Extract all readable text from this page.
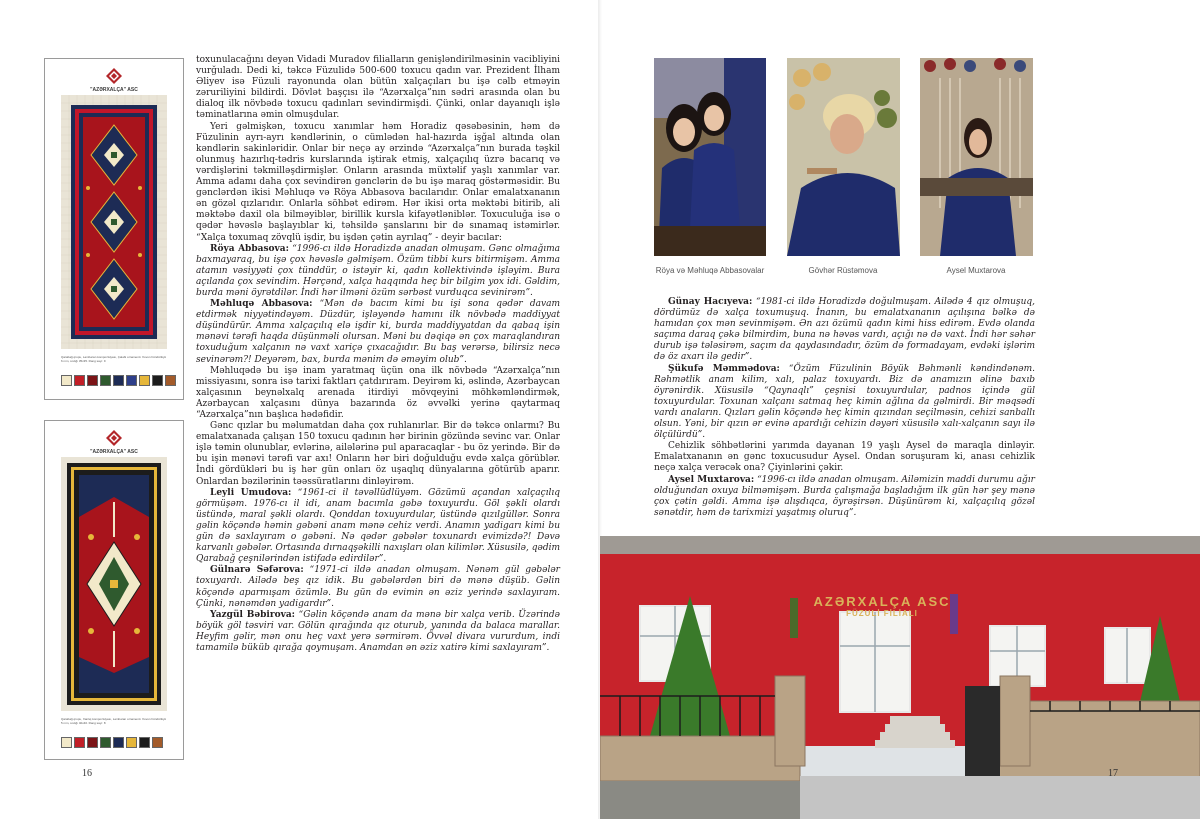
"AZƏRXALÇA" ASC
Qarabağ qrupu, Ləmbəran kompozisiyası, Çələbi ornamenti. Xovun hündürlüyü 6 mm, sıxlığı 35x35. Rəng sayı: 9
"AZƏRXALÇA" ASC
Qarabağ qrupu, Xanlıq kompozisiyası, Ləmbəran ornamenti. Xovun hündürlüyü 5 mm, sıxlığı 40x40. Rəng sayı: 8
16

toxunulacağını deyən Vidadi Muradov filialların genişləndirilməsinin vacibliyini vurğuladı. Dedi ki, təkcə Füzulidə 500-600 toxucu qadın var. Prezident İlham Əliyev isə Füzuli rayonunda olan bütün xalçaçıları bu işə cəlb etməyin zəruriliyini bildirdi. Dövlət başçısı ilə “Azərxalça”nın sədri arasında olan bu dialoq ilk növbədə toxucu qadınları sevindirmişdi. Çünki, onlar dayanıqlı işlə təminatlarına əmin olmuşdular.

Yeri gəlmişkən, toxucu xanımlar həm Horadiz qəsəbəsinin, həm də Füzulinin ayrı-ayrı kəndlərinin, o cümlədən hal-hazırda işğal altında olan kəndlərin sakinləridir. Onlar bir neçə ay ərzində “Azərxalça”nın burada təşkil olunmuş hazırlıq-tədris kurslarında iştirak etmiş, xalçaçılıq üzrə bacarıq və vərdişlərini təkmilləşdirmişlər. Onların arasında müxtəlif yaşlı xanımlar var. Amma adamı daha çox sevindirən gənclərin də bu işə maraq göstərməsidir. Bu gənclərdən ikisi Məhluqə və Röya Abbasova bacılarıdır. Onlar emalatxananın ən gözəl qızlarıdır. Onlarla söhbət edirəm. Hər ikisi orta məktəbi bitirib, ali məktəbə daxil ola bilməyiblər, birillik kursla kifayətləniblər. Toxuculuğa isə o qədər həvəslə başlayıblar ki, təhsildə şanslarını bir də sınamaq istəmirlər. “Xalça toxumaq zövqlü işdir, bu işdən çətin ayrılaq” - deyir bacılar:

Röya Abbasova: “1996-cı ildə Horadizdə anadan olmuşam. Gənc olmağıma baxmayaraq, bu işə çox həvəslə gəlmişəm. Özüm tibbi kurs bitirmişəm. Amma atamın vəsiyyəti çox tünddür, o istəyir ki, qadın kollektivində işləyim. Bura açılanda çox sevindim. Hərçənd, xalça haqqında heç bir bilgim yox idi. Gəldim, burda məni öyrətdilər. İndi hər ilməni özüm sərbəst vurduqca sevinirəm”.

Məhluqə Abbasova: “Mən də bacım kimi bu işi sona qədər davam etdirmək niyyətindəyəm. Düzdür, işləyəndə hamını ilk növbədə maddiyyat düşündürür. Amma xalçaçılıq elə işdir ki, burda maddiyyatdan da qabaq işin mənəvi tərəfi haqda düşünməli olursan. Məni bu dəqiqə ən çox maraqlandıran toxuduğum xalçanın nə vaxt xariçə çıxacağıdır. Bu baş verərsə, bilirsiz necə sevinərəm?! Deyərəm, bax, burda mənim də əməyim olub”.

Məhluqədə bu işə inam yaratmaq üçün ona ilk növbədə “Azərxalça”nın missiyasını, sonra isə tarixi faktları çatdırıram. Deyirəm ki, əslində, Azərbaycan xalçasının beynəlxalq arenada itirdiyi mövqeyini möhkəmləndirmək, Azərbaycan xalçasını dünya bazarında öz əvvəlki yerinə qaytarmaq “Azərxalça”nın başlıca hədəfidir.

Gənc qızlar bu məlumatdan daha çox ruhlanırlar. Bir də təkcə onlarmı? Bu emalatxanada çalışan 150 toxucu qadının hər birinin gözündə sevinc var. Onlar işlə təmin olunublar, evlərinə, ailələrinə pul aparacaqlar - bu öz yerində. Bir də bu işin mənəvi tərəfi var axı! Onların hər biri doğulduğu evdə xalça görüblər. İndi gördükləri bu iş hər gün onları öz uşaqlıq dünyalarına götürüb aparır. Onlardan bəzilərinin təəssüratlarını dinləyirəm.

Leyli Umudova: “1961-ci il təvəllüdlüyəm. Gözümü açandan xalçaçılıq görmüşəm. 1976-cı il idi, anam bacımla gəbə toxuyurdu. Göl şəkli olardı üstündə, maral şəkli olardı. Qonddan toxuyurdular, üstündə qızılgüllər. Sonra gəlin köçəndə həmin gəbəni anam mənə cehiz verdi. Anamın yadigarı kimi bu gün də saxlayıram o gəbəni. Nə qədər gəbələr toxunardı evimizdə?! Dəvə karvanlı gəbələr. Ortasında dırnaqşəkilli naxışları olan kilimlər. Xüsusilə, qədim Qarabağ çeşnilərindən istifadə edirdilər”.

Gülnarə Səfərova: “1971-ci ildə anadan olmuşam. Nənəm gül gəbələr toxuyardı. Ailədə beş qız idik. Bu gəbələrdən biri də mənə düşüb. Gəlin köçəndə aparmışam özümlə. Bu gün də evimin ən əziz yerində saxlayıram. Çünki, nənəmdən yadigardır”.

Yazgül Bəbirova: “Gəlin köçəndə anam da mənə bir xalça verib. Üzərində böyük göl təsviri var. Gölün qırağında qız oturub, yanında da balaca marallar. Heyfim gəlir, mən onu heç vaxt yerə sərmirəm. Övvəl divara vururdum, indi tamamilə büküb qırağa qoymuşam. Anamdan ən əziz xatirə kimi saxlayıram”.

Röya və Məhluqə Abbasovalar	Gövhər Rüstəmova	Aysel Muxtarova

Günay Hacıyeva: “1981-ci ildə Horadizdə doğulmuşam. Ailədə 4 qız olmuşuq, dördümüz də xalça toxumuşuq. İnanın, bu emalatxananın açılışına bəlkə də hamıdan çox mən sevinmişəm. Ən azı özümü qadın kimi hiss edirəm. Evdə olanda saçıma daraq çəkə bilmirdim, buna nə həvəs vardı, açığı nə də vaxt. İndi hər səhər durub işə tələsirəm, saçım da qaydasındadır, özüm də formadayam, evdəki işlərim də öz axarı ilə gedir”.

Şükufə Məmmədova: “Özüm Füzulinin Böyük Bəhmənli kəndindənəm. Rəhmətlik anam kilim, xalı, palaz toxuyardı. Biz də anamızın əlinə baxıb öyrənirdik. Xüsusilə “Qaynaqlı” çeşnisi toxuyurdular, padnos içində gül toxuyurdular. Toxunan xalçanı satmaq heç kimin ağlına da gəlmirdi. Bir məqsədi vardı anaların. Qızları gəlin köçəndə heç kimin qızından seçilməsin, cehizi sanballı olsun. Yəni, bir qızın ər evinə apardığı cehizin dəyəri xüsusilə xalı-xalçanın sayı ilə ölçülürdü”.

Cehizlik söhbətlərini yarımda dayanan 19 yaşlı Aysel də maraqla dinləyir. Emalatxananın ən gənc toxucusudur Aysel. Ondan soruşuram ki, anası cehizlik neçə xalça verəcək ona? Çiyinlərini çəkir.

Aysel Muxtarova: “1996-cı ildə anadan olmuşam. Ailəmizin maddi durumu ağır olduğundan oxuya bilməmişəm. Burda çalışmağa başladığım ilk gün hər şey mənə çox çətin gəldi. Amma işə alışdıqca, öyrəşirsən. Düşünürəm ki, xalçaçılıq gözəl sənətdir, həm də tarixmizi yaşatmış oluruq”.

AZƏRXALÇA ASC
FÜZULİ FİLİALI
17
